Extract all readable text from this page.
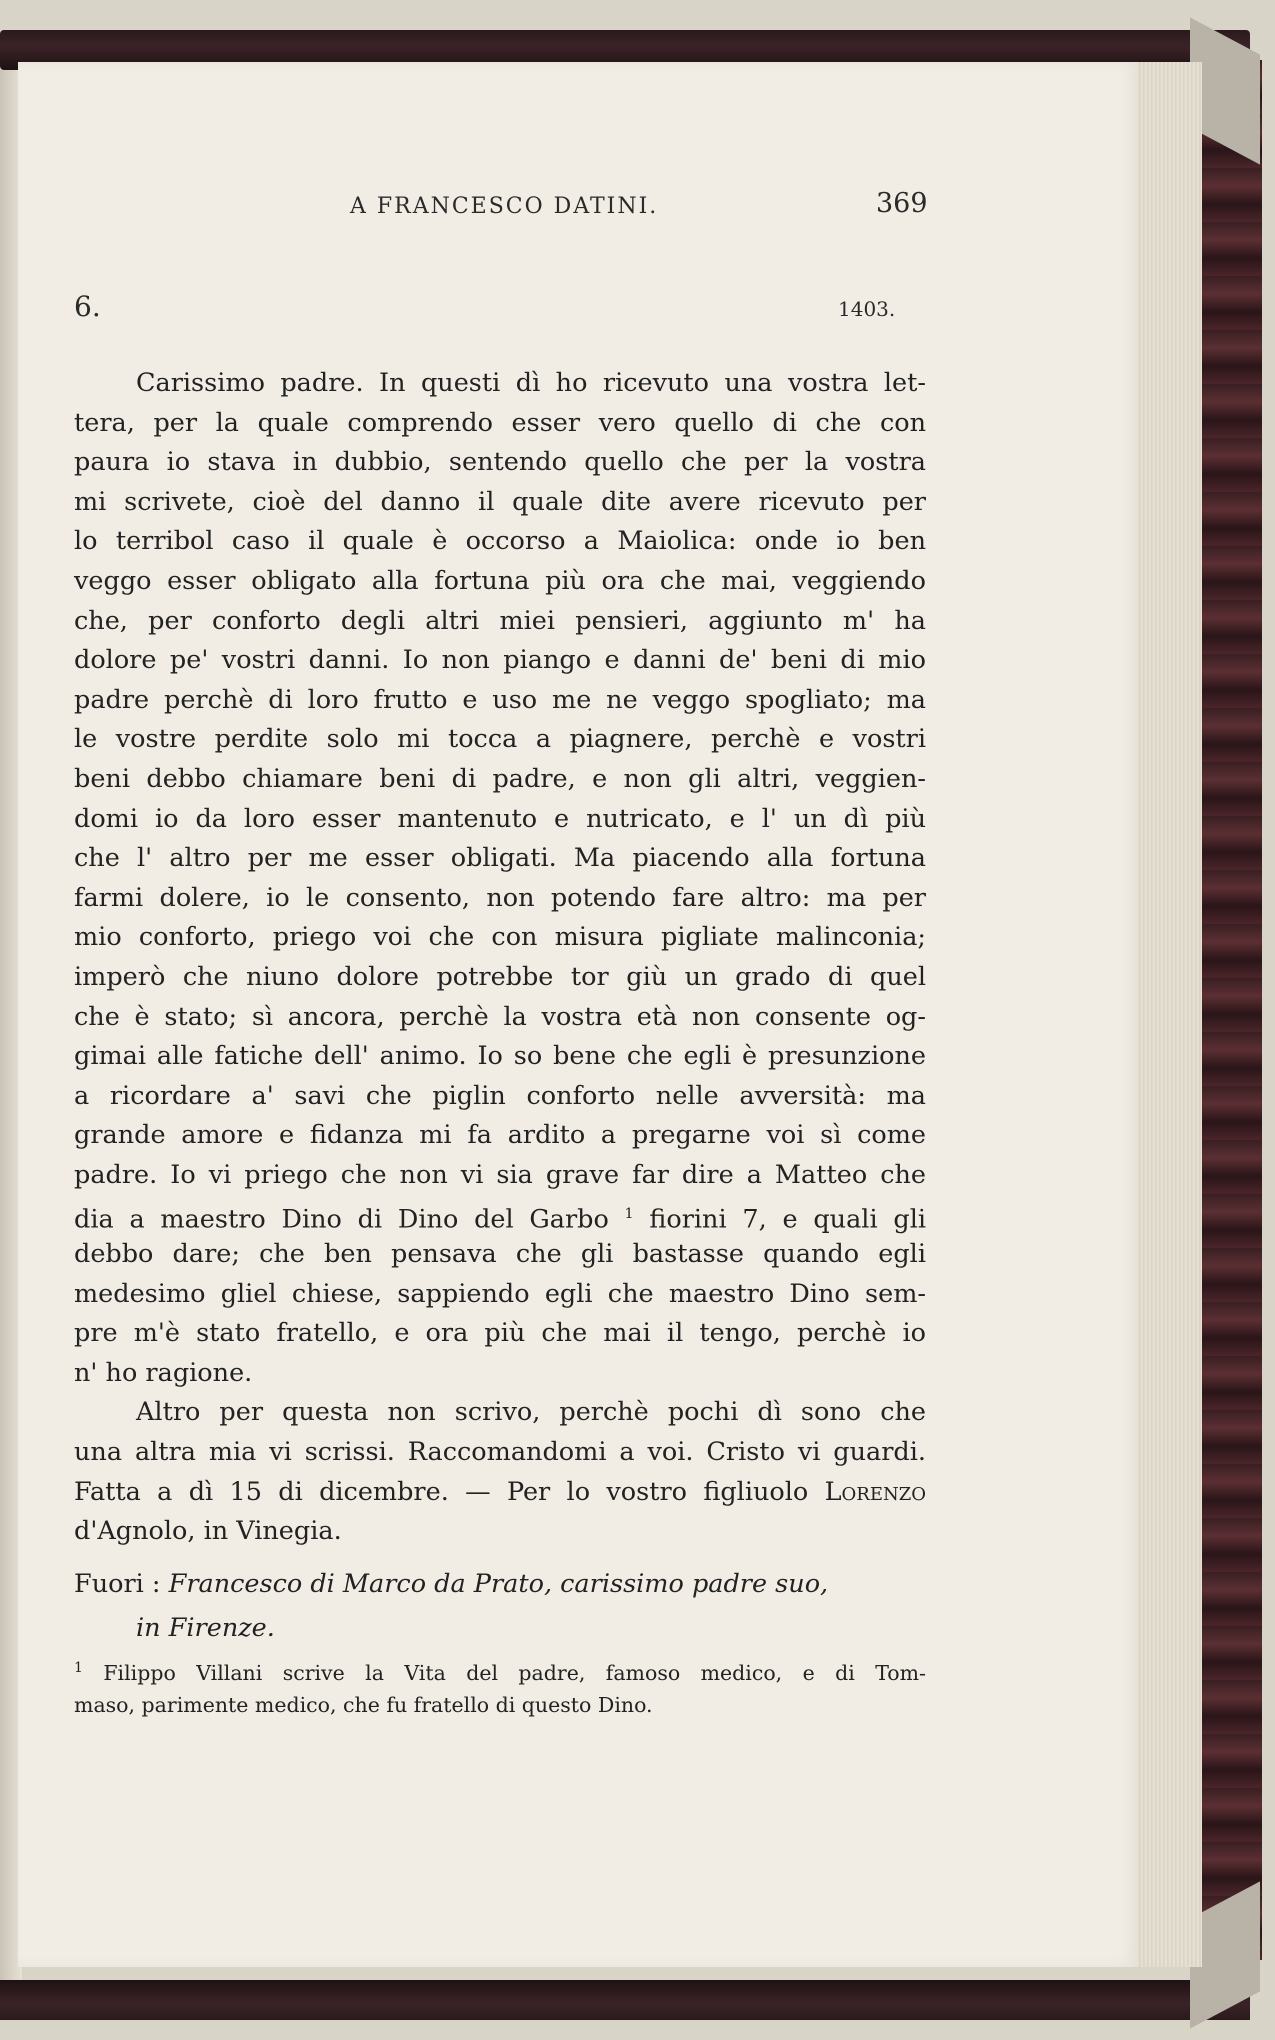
A FRANCESCO DATINI.	369
6.	1403.
Carissimo padre. In questi dì ho ricevuto una vostra let-
tera, per la quale comprendo esser vero quello di che con
paura io stava in dubbio, sentendo quello che per la vostra
mi scrivete, cioè del danno il quale dite avere ricevuto per
lo terribol caso il quale è occorso a Maiolica: onde io ben
veggo esser obligato alla fortuna più ora che mai, veggiendo
che, per conforto degli altri miei pensieri, aggiunto m' ha
dolore pe' vostri danni. Io non piango e danni de' beni di mio
padre perchè di loro frutto e uso me ne veggo spogliato; ma
le vostre perdite solo mi tocca a piagnere, perchè e vostri
beni debbo chiamare beni di padre, e non gli altri, veggien-
domi io da loro esser mantenuto e nutricato, e l' un dì più
che l' altro per me esser obligati. Ma piacendo alla fortuna
farmi dolere, io le consento, non potendo fare altro: ma per
mio conforto, priego voi che con misura pigliate malinconia;
imperò che niuno dolore potrebbe tor giù un grado di quel
che è stato; sì ancora, perchè la vostra età non consente og-
gimai alle fatiche dell' animo. Io so bene che egli è presunzione
a ricordare a' savi che piglin conforto nelle avversità: ma
grande amore e fidanza mi fa ardito a pregarne voi sì come
padre. Io vi priego che non vi sia grave far dire a Matteo che
dia a maestro Dino di Dino del Garbo $^1$ fiorini 7, e quali gli
debbo dare; che ben pensava che gli bastasse quando egli
medesimo gliel chiese, sappiendo egli che maestro Dino sem-
pre m'è stato fratello, e ora più che mai il tengo, perchè io
n' ho ragione.
Altro per questa non scrivo, perchè pochi dì sono che
una altra mia vi scrissi. Raccomandomi a voi. Cristo vi guardi.
Fatta a dì 15 di dicembre. — Per lo vostro figliuolo Lorenzo
d'Agnolo, in Vinegia.
Fuori : Francesco di Marco da Prato, carissimo padre suo,
in Firenze.
$^1$ Filippo Villani scrive la Vita del padre, famoso medico, e di Tom-
maso, parimente medico, che fu fratello di questo Dino.
